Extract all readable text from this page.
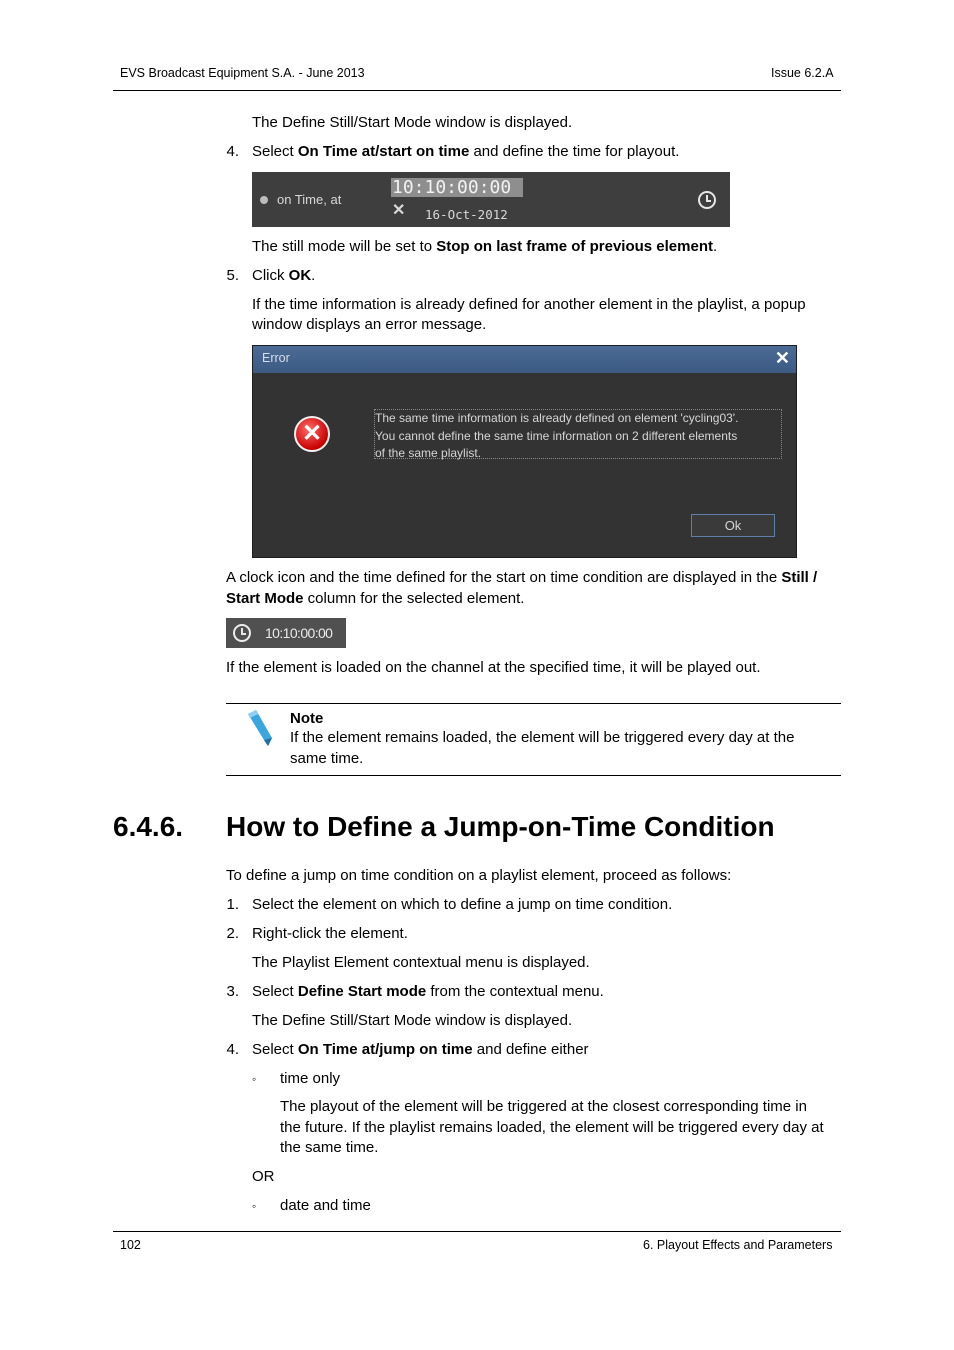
EVS Broadcast Equipment S.A. - June 2013	Issue 6.2.A
The Define Still/Start Mode window is displayed.
4. Select On Time at/start on time and define the time for playout.
on Time, at
10:10:00:00
✕ 16-Oct-2012
The still mode will be set to Stop on last frame of previous element.
5. Click OK.
If the time information is already defined for another element in the playlist, a popup
window displays an error message.
Error	✕
✕
The same time information is already defined on element 'cycling03'.
You cannot define the same time information on 2 different elements
of the same playlist.
Ok
A clock icon and the time defined for the start on time condition are displayed in the Still /
Start Mode column for the selected element.
10:10:00:00
If the element is loaded on the channel at the specified time, it will be played out.
Note
If the element remains loaded, the element will be triggered every day at the
same time.
6.4.6. How to Define a Jump-on-Time Condition
To define a jump on time condition on a playlist element, proceed as follows:
1. Select the element on which to define a jump on time condition.
2. Right-click the element.
The Playlist Element contextual menu is displayed.
3. Select Define Start mode from the contextual menu.
The Define Still/Start Mode window is displayed.
4. Select On Time at/jump on time and define either
◦ time only
The playout of the element will be triggered at the closest corresponding time in
the future. If the playlist remains loaded, the element will be triggered every day at
the same time.
OR
◦ date and time
102	6. Playout Effects and Parameters
